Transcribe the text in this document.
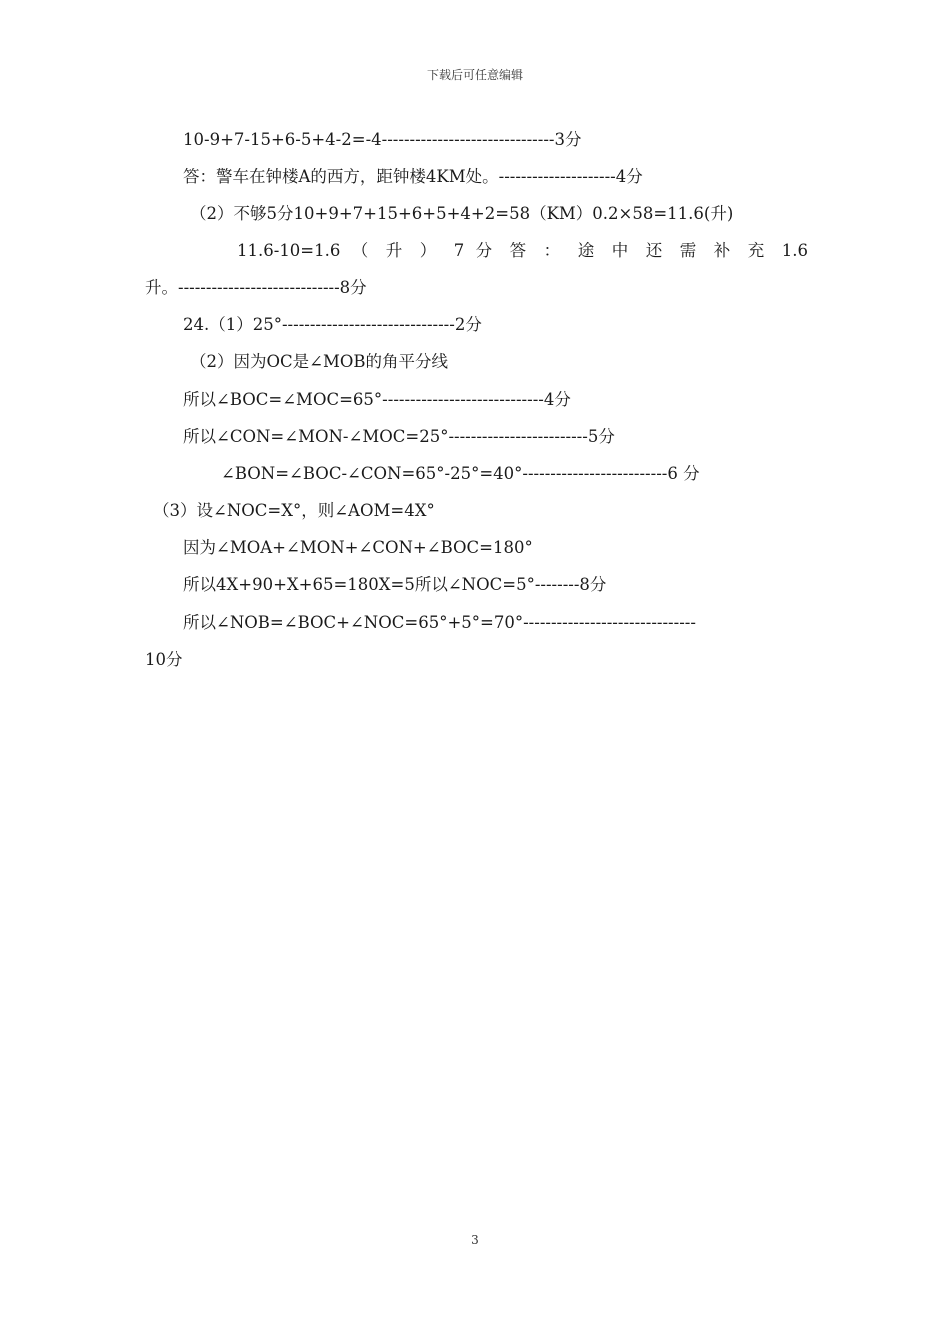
下载后可任意编辑
10-9+7-15+6-5+4-2=-4-------------------------------3分
答：警车在钟楼A的西方，距钟楼4KM处。---------------------4分
（2）不够5分10+9+7+15+6+5+4+2=58（KM）0.2×58=11.6(升)
11.6-10=1.6 （ 升 ） 7 分 答 ： 途 中 还 需 补 充 1.6
升。-----------------------------8分
24.（1）25°-------------------------------2分
（2）因为OC是∠MOB的角平分线
所以∠BOC=∠MOC=65°-----------------------------4分
所以∠CON=∠MON-∠MOC=25°-------------------------5分
∠BON=∠BOC-∠CON=65°-25°=40°--------------------------6 分
（3）设∠NOC=X°，则∠AOM=4X°
因为∠MOA+∠MON+∠CON+∠BOC=180°
所以4X+90+X+65=180X=5所以∠NOC=5°--------8分
所以∠NOB=∠BOC+∠NOC=65°+5°=70°-------------------------------
10分
3
